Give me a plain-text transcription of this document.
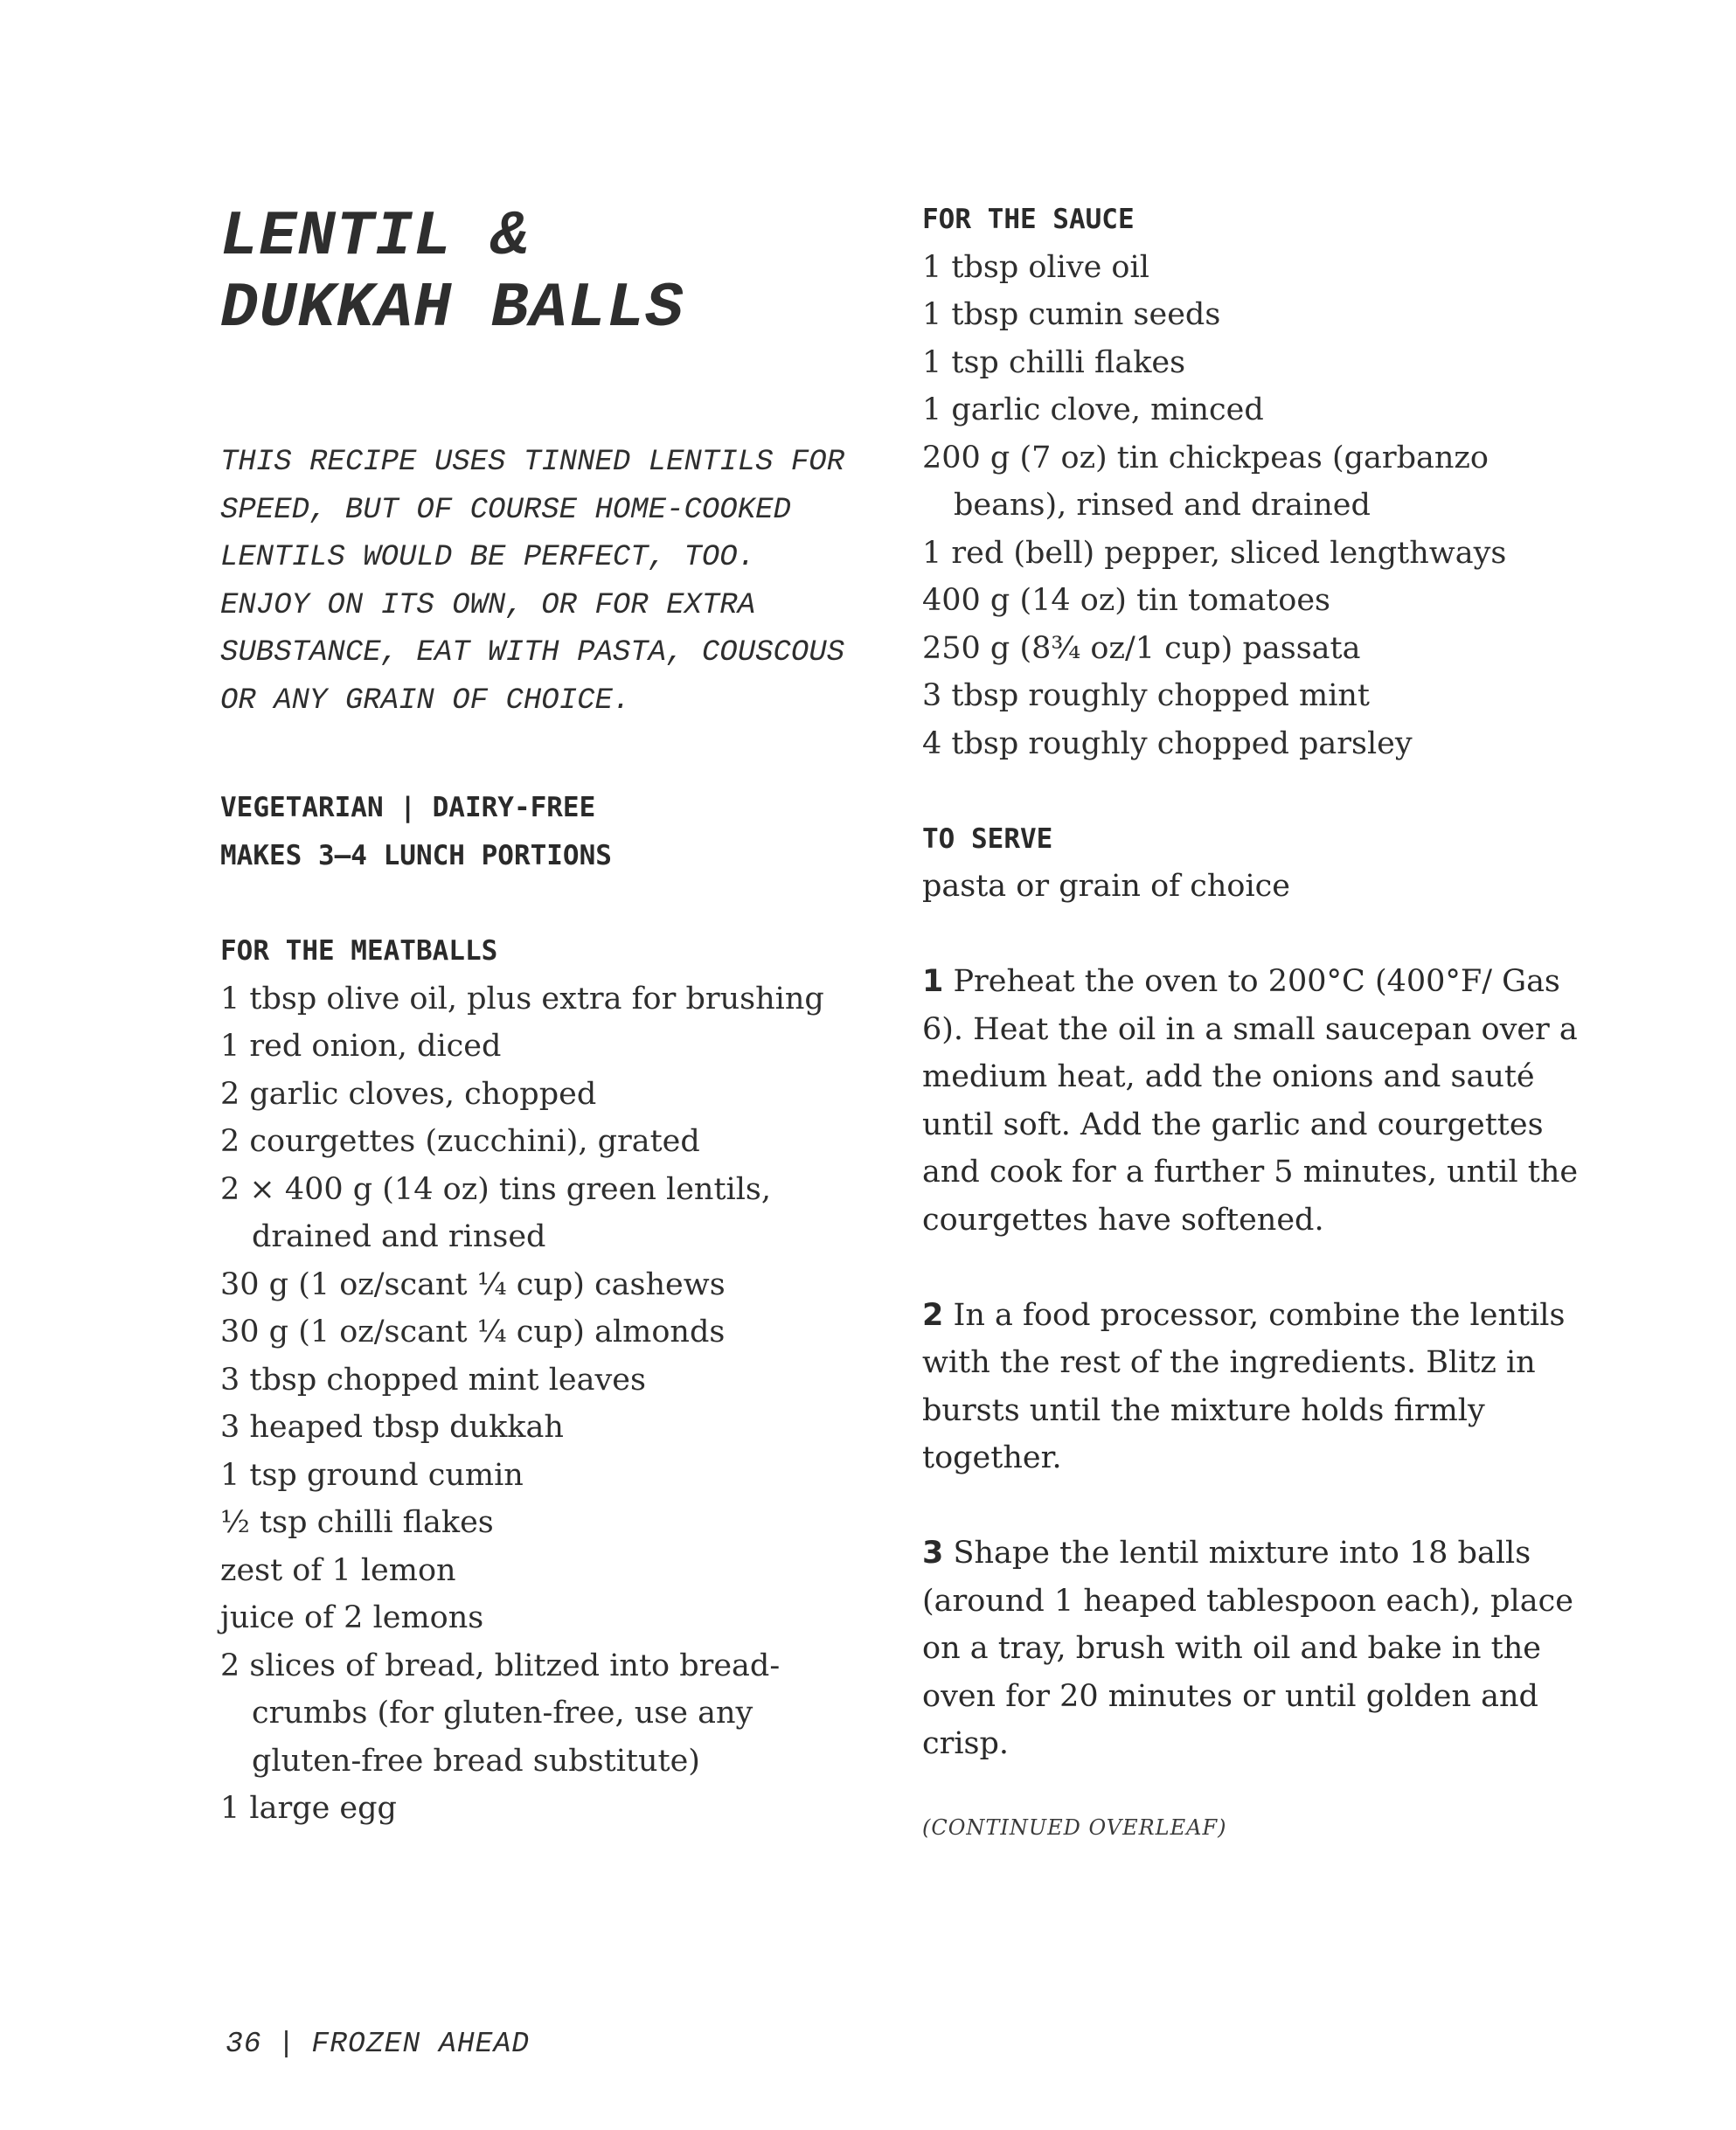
LENTIL &
DUKKAH BALLS

THIS RECIPE USES TINNED LENTILS FOR SPEED, BUT OF COURSE HOME-COOKED LENTILS WOULD BE PERFECT, TOO. ENJOY ON ITS OWN, OR FOR EXTRA SUBSTANCE, EAT WITH PASTA, COUSCOUS OR ANY GRAIN OF CHOICE.

VEGETARIAN | DAIRY-FREE
MAKES 3–4 LUNCH PORTIONS
FOR THE MEATBALLS
1 tbsp olive oil, plus extra for brushing
1 red onion, diced
2 garlic cloves, chopped
2 courgettes (zucchini), grated
2 × 400 g (14 oz) tins green lentils, drained and rinsed
30 g (1 oz/scant ¼ cup) cashews
30 g (1 oz/scant ¼ cup) almonds
3 tbsp chopped mint leaves
3 heaped tbsp dukkah
1 tsp ground cumin
½ tsp chilli flakes
zest of 1 lemon
juice of 2 lemons
2 slices of bread, blitzed into bread-crumbs (for gluten-free, use any gluten-free bread substitute)
1 large egg
FOR THE SAUCE
1 tbsp olive oil
1 tbsp cumin seeds
1 tsp chilli flakes
1 garlic clove, minced
200 g (7 oz) tin chickpeas (garbanzo beans), rinsed and drained
1 red (bell) pepper, sliced lengthways
400 g (14 oz) tin tomatoes
250 g (8¾ oz/1 cup) passata
3 tbsp roughly chopped mint
4 tbsp roughly chopped parsley
TO SERVE
pasta or grain of choice

1 Preheat the oven to 200°C (400°F/ Gas 6). Heat the oil in a small saucepan over a medium heat, add the onions and sauté until soft. Add the garlic and courgettes and cook for a further 5 minutes, until the courgettes have softened.

2 In a food processor, combine the lentils with the rest of the ingredients. Blitz in bursts until the mixture holds firmly together.

3 Shape the lentil mixture into 18 balls (around 1 heaped tablespoon each), place on a tray, brush with oil and bake in the oven for 20 minutes or until golden and crisp.

(CONTINUED OVERLEAF)
36 | FROZEN AHEAD
